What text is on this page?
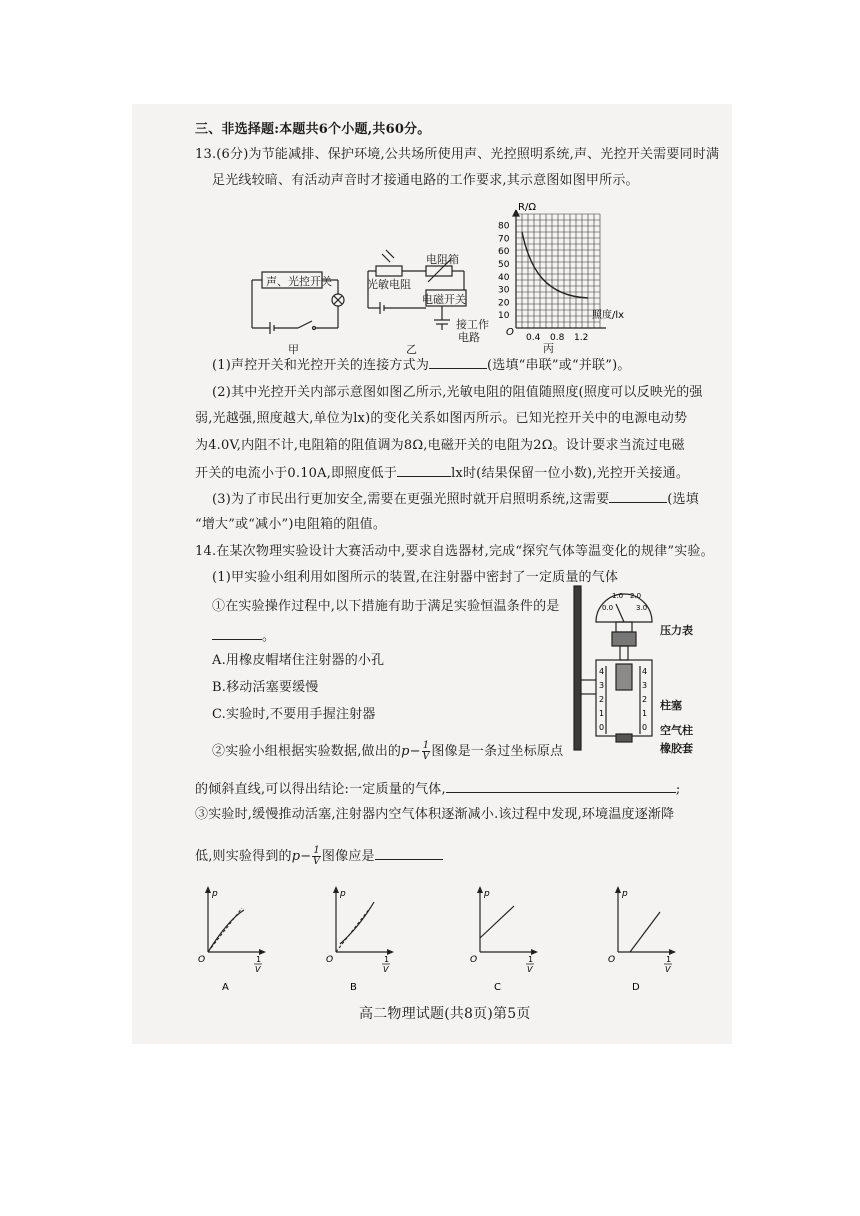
三、非选择题:本题共6个小题,共60分。
13.(6分)为节能减排、保护环境,公共场所使用声、光控照明系统,声、光控开关需要同时满
足光线较暗、有活动声音时才接通电路的工作要求,其示意图如图甲所示。
声、光控开关
甲
光敏电阻
电阻箱
电磁开关
接工作
电路
乙
R/Ω
O
10
20
30
40
50
60
70
80
0.4 0.8 1.2
照度/lx
丙
(1)声控开关和光控开关的连接方式为	(选填“串联”或“并联”)。
(2)其中光控开关内部示意图如图乙所示,光敏电阻的阻值随照度(照度可以反映光的强
弱,光越强,照度越大,单位为lx)的变化关系如图丙所示。已知光控开关中的电源电动势
为4.0V,内阻不计,电阻箱的阻值调为8Ω,电磁开关的电阻为2Ω。设计要求当流过电磁
开关的电流小于0.10A,即照度低于	lx时(结果保留一位小数),光控开关接通。
(3)为了市民出行更加安全,需要在更强光照时就开启照明系统,这需要	(选填
“增大”或“减小”)电阻箱的阻值。
14.在某次物理实验设计大赛活动中,要求自选器材,完成“探究气体等温变化的规律”实验。
(1)甲实验小组利用如图所示的装置,在注射器中密封了一定质量的气体
①在实验操作过程中,以下措施有助于满足实验恒温条件的是
。
A.用橡皮帽堵住注射器的小孔
B.移动活塞要缓慢
C.实验时,不要用手握注射器
0.0
1.0 2.0
3.0
4	4
3	3
2	2
1	1
0	0
压力表
柱塞
空气柱
橡胶套
②实验小组根据实验数据,做出的$p- \frac{1}{V}$ 图像是一条过坐标原点
的倾斜直线,可以得出结论:一定质量的气体,	;
③实验时,缓慢推动活塞,注射器内空气体积逐渐减小.该过程中发现,环境温度逐渐降
低,则实验得到的$p- \frac{1}{V}$ 图像应是
p
O	1
V
A
p
O	1
V
B
p
O	1
V
C
p
O	1
V
D
高二物理试题(共8页)第5页
